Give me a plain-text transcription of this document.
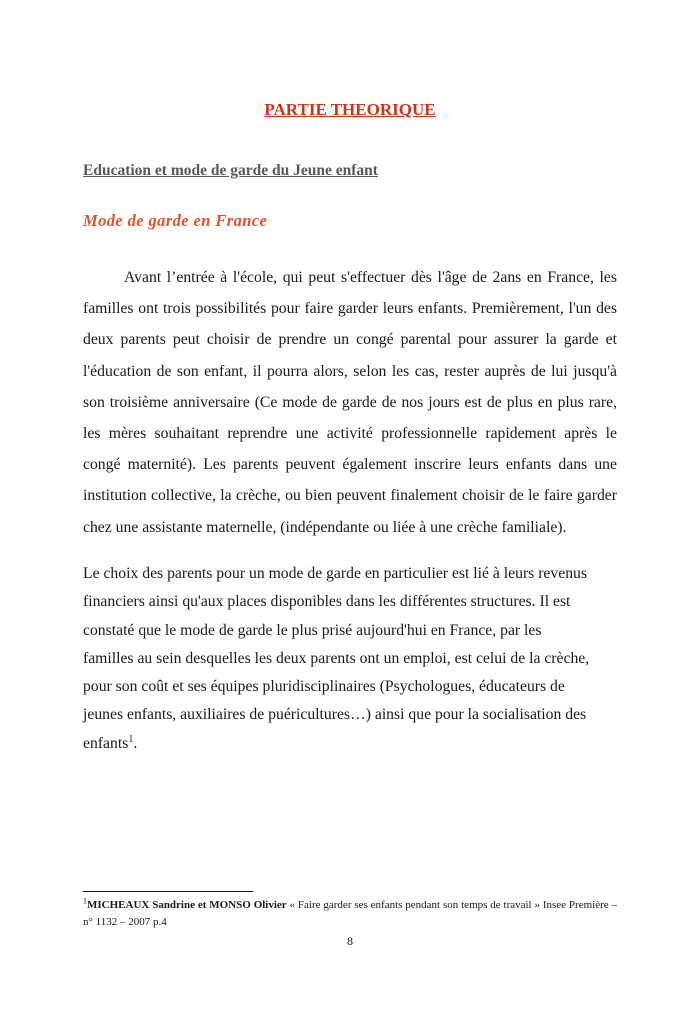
PARTIE THEORIQUE
Education et mode de garde du Jeune enfant
Mode de garde en France

Avant l’entrée à l'école, qui peut s'effectuer dès l'âge de 2ans en France, les familles ont trois possibilités pour faire garder leurs enfants. Premièrement, l'un des deux parents peut choisir de prendre un congé parental pour assurer la garde et l'éducation de son enfant, il pourra alors, selon les cas, rester auprès de lui jusqu'à son troisième anniversaire (Ce mode de garde de nos jours est de plus en plus rare, les mères souhaitant reprendre une activité professionnelle rapidement après le congé maternité). Les parents peuvent également inscrire leurs enfants dans une institution collective, la crèche, ou bien peuvent finalement choisir de le faire garder chez une assistante maternelle, (indépendante ou liée à une crèche familiale).

Le choix des parents pour un mode de garde en particulier est lié à leurs revenus
financiers ainsi qu'aux places disponibles dans les différentes structures. Il est
constaté que le mode de garde le plus prisé aujourd'hui en France, par les
familles au sein desquelles les deux parents ont un emploi, est celui de la crèche,
pour son coût et ses équipes pluridisciplinaires (Psychologues, éducateurs de
jeunes enfants, auxiliaires de puéricultures…) ainsi que pour la socialisation des
enfants$^1$.

$^1$MICHEAUX Sandrine et MONSO Olivier « Faire garder ses enfants pendant son temps de travail » Insee Première – n° 1132 – 2007 p.4

8
